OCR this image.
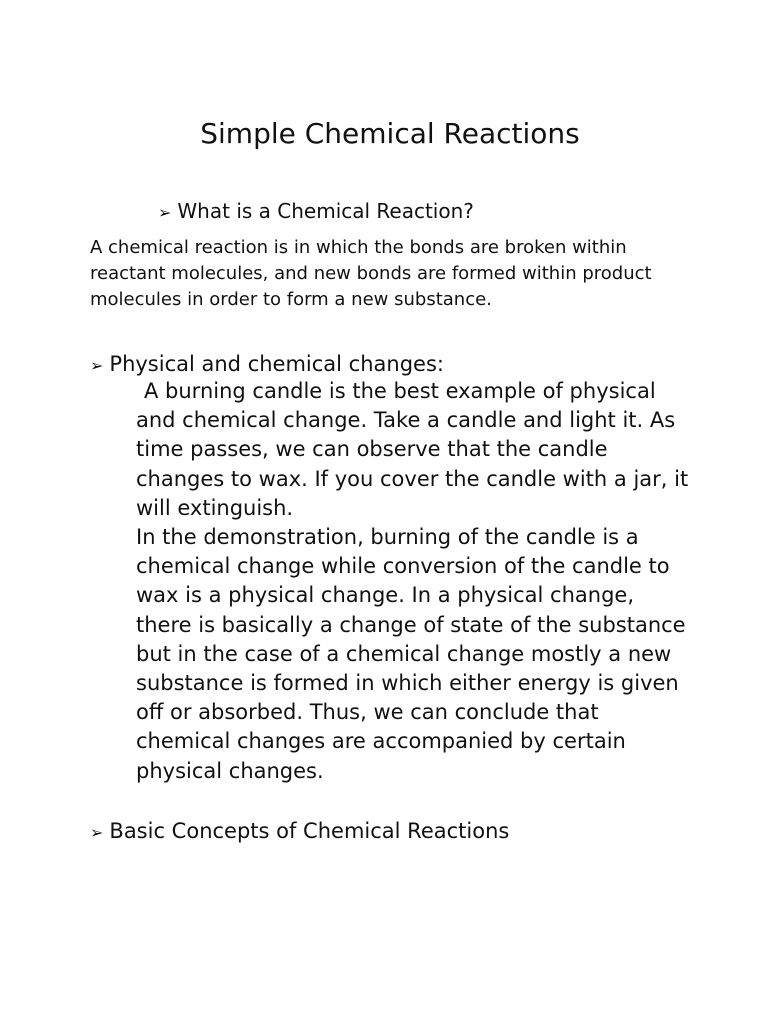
Simple Chemical Reactions
➢ What is a Chemical Reaction?

A chemical reaction is in which the bonds are broken within reactant molecules, and new bonds are formed within product molecules in order to form a new substance.

➢ Physical and chemical changes:

A burning candle is the best example of physical and chemical change. Take a candle and light it. As time passes, we can observe that the candle changes to wax. If you cover the candle with a jar, it will extinguish.

In the demonstration, burning of the candle is a chemical change while conversion of the candle to wax is a physical change. In a physical change, there is basically a change of state of the substance but in the case of a chemical change mostly a new substance is formed in which either energy is given off or absorbed. Thus, we can conclude that chemical changes are accompanied by certain physical changes.

➢ Basic Concepts of Chemical Reactions
